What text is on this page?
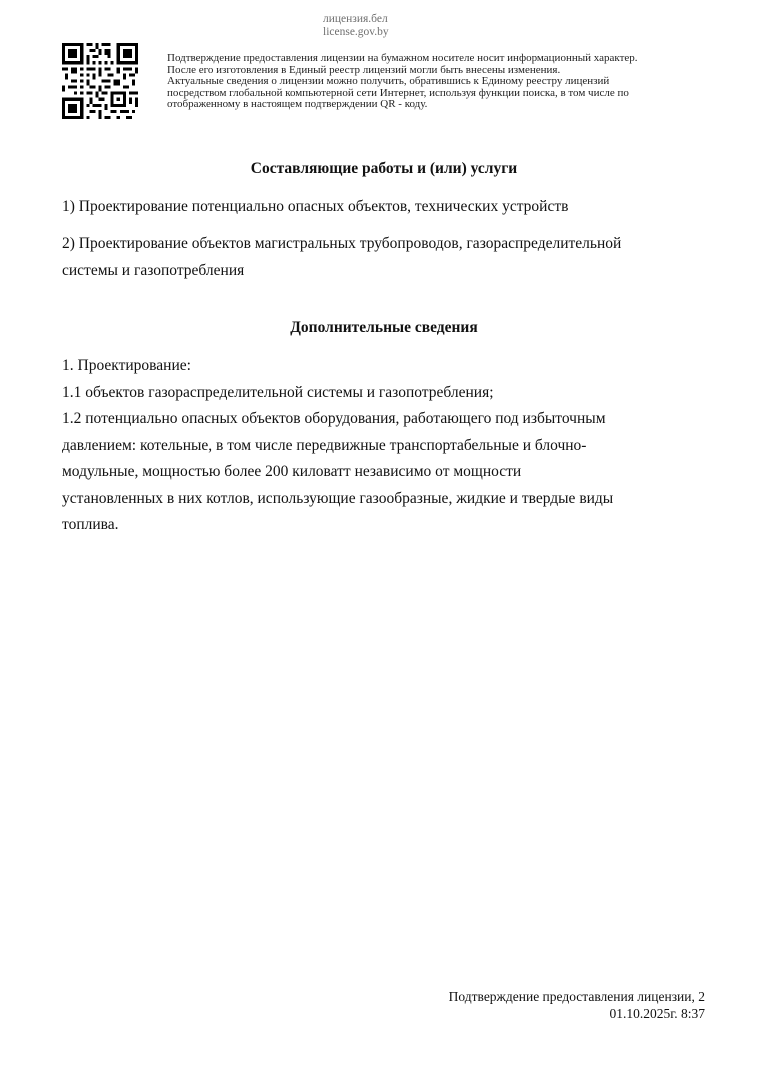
лицензия.бел
license.gov.by
Подтверждение предоставления лицензии на бумажном носителе носит информационный характер.
После его изготовления в Единый реестр лицензий могли быть внесены изменения.
Актуальные сведения о лицензии можно получить, обратившись к Единому реестру лицензий
посредством глобальной компьютерной сети Интернет, используя функции поиска, в том числе по
отображенному в настоящем подтверждении QR - коду.
Составляющие работы и (или) услуги
1) Проектирование потенциально опасных объектов, технических устройств
2) Проектирование объектов магистральных трубопроводов, газораспределительной
системы и газопотребления
Дополнительные сведения
1. Проектирование:
1.1 объектов газораспределительной системы и газопотребления;
1.2 потенциально опасных объектов оборудования, работающего под избыточным
давлением: котельные, в том числе передвижные транспортабельные и блочно-
модульные, мощностью более 200 киловатт независимо от мощности
установленных в них котлов, использующие газообразные, жидкие и твердые виды
топлива.
Подтверждение предоставления лицензии, 2
01.10.2025г. 8:37
